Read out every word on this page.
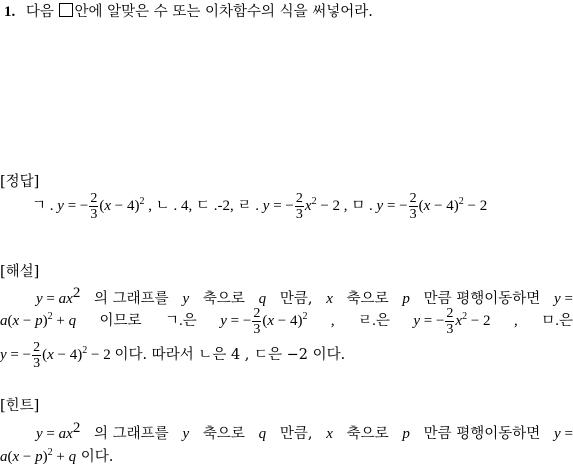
1. 다음 안에 알맞은 수 또는 이차함수의 식을 써넣어라.
[정답]
ㄱ . y = − $\frac{2}{3} (x - 4)^2$ , ㄴ . 4, ㄷ .-2, ㄹ . y = − $\frac{2}{3} x^2 - 2$ , ㅁ . y = − $\frac{2}{3} (x - 4)^2 - 2$
[해설]
$y = ax^2$ 의 그래프를 y 축으로 q 만큼, x 축으로 p 만큼 평행이동하면 y =
$a(x - p)^2 + q$ 이므로 ㄱ.은 y = − $\frac{2}{3} (x - 4)^2$ , ㄹ.은 y = − $\frac{2}{3} x^2 - 2$ , ㅁ.은
y = − $\frac{2}{3} (x - 4)^2 - 2$ 이다. 따라서 ㄴ은 4 , ㄷ은 −2 이다.
[힌트]
$y = ax^2$ 의 그래프를 y 축으로 q 만큼, x 축으로 p 만큼 평행이동하면 y =
$a(x - p)^2 + q$ 이다.
